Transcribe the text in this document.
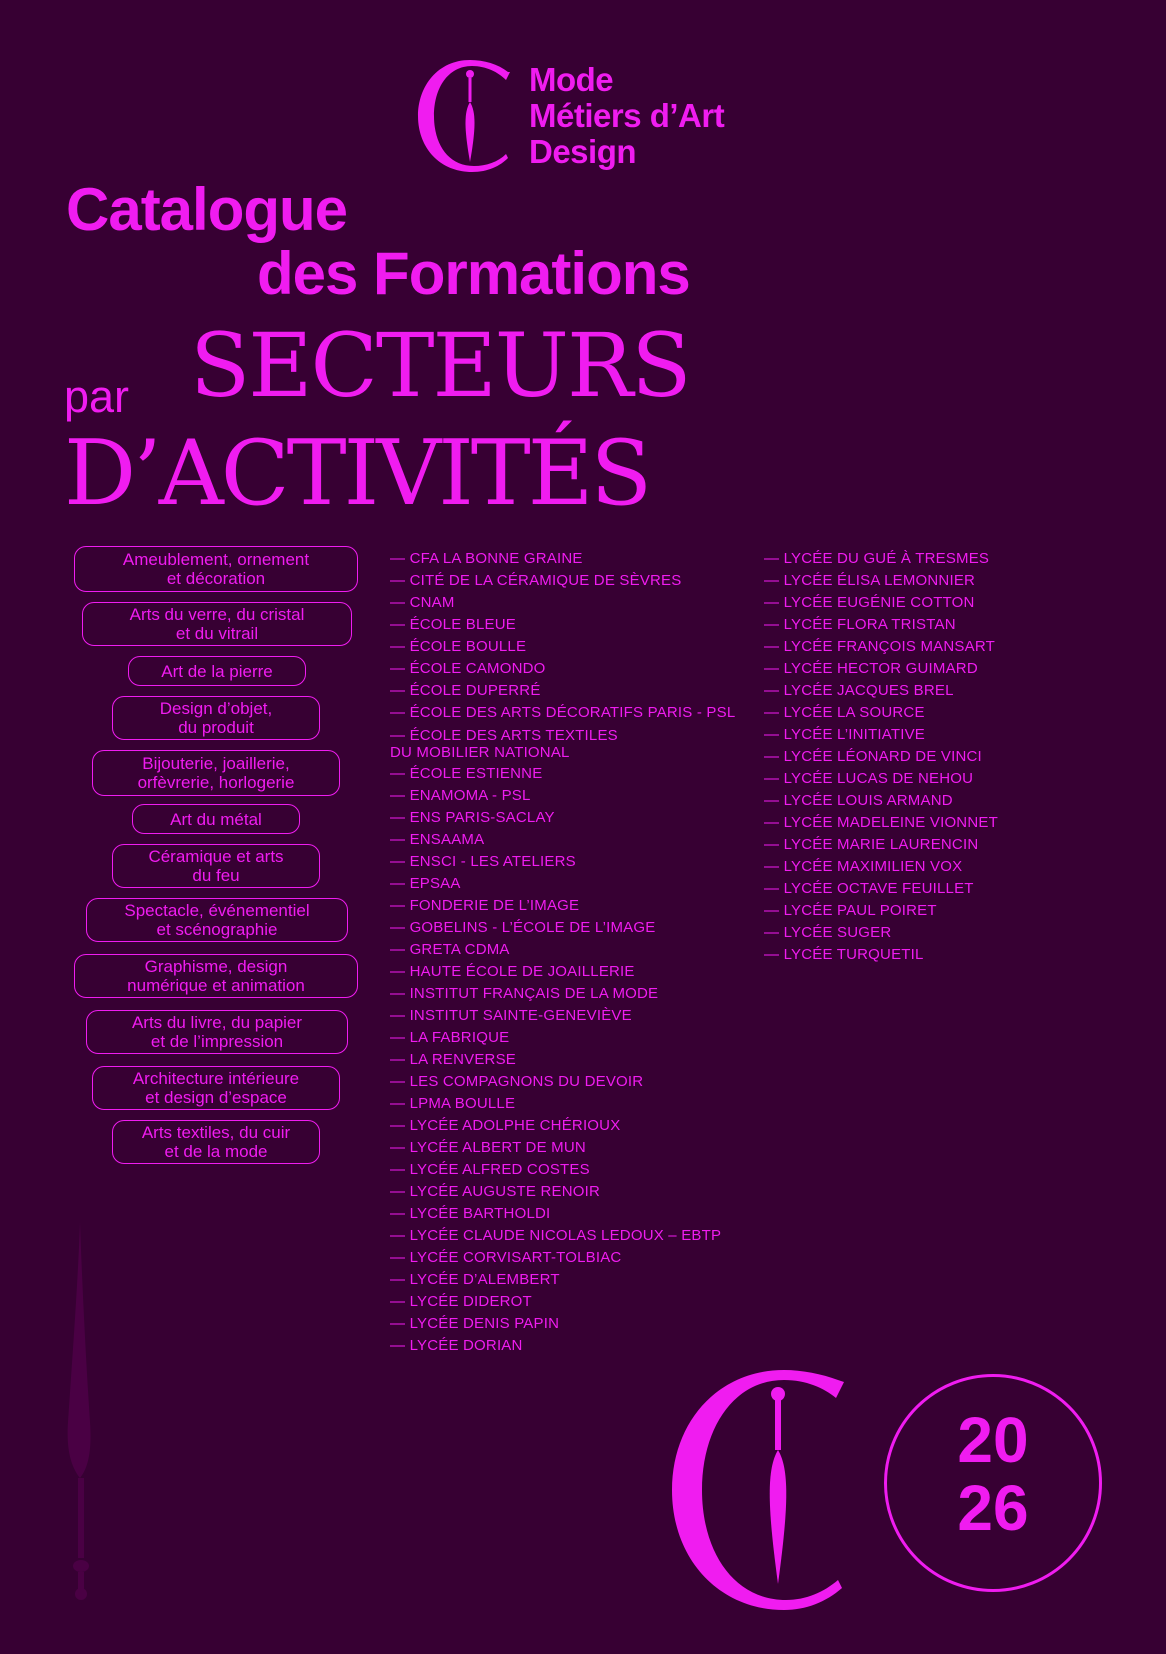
Mode
Métiers d’Art
Design
Catalogue
des Formations
par SECTEURS
D’ACTIVITÉS
Ameublement, ornement
et décoration
Arts du verre, du cristal
et du vitrail
Art de la pierre
Design d’objet,
du produit
Bijouterie, joaillerie,
orfèvrerie, horlogerie
Art du métal
Céramique et arts
du feu
Spectacle, événementiel
et scénographie
Graphisme, design
numérique et animation
Arts du livre, du papier
et de l’impression
Architecture intérieure
et design d’espace
Arts textiles, du cuir
et de la mode
— CFA LA BONNE GRAINE
— CITÉ DE LA CÉRAMIQUE DE SÈVRES
— CNAM
— ÉCOLE BLEUE
— ÉCOLE BOULLE
— ÉCOLE CAMONDO
— ÉCOLE DUPERRÉ
— ÉCOLE DES ARTS DÉCORATIFS PARIS - PSL
— ÉCOLE DES ARTS TEXTILES
DU MOBILIER NATIONAL
— ÉCOLE ESTIENNE
— ENAMOMA - PSL
— ENS PARIS-SACLAY
— ENSAAMA
— ENSCI - LES ATELIERS
— EPSAA
— FONDERIE DE L’IMAGE
— GOBELINS - L’ÉCOLE DE L’IMAGE
— GRETA CDMA
— HAUTE ÉCOLE DE JOAILLERIE
— INSTITUT FRANÇAIS DE LA MODE
— INSTITUT SAINTE-GENEVIÈVE
— LA FABRIQUE
— LA RENVERSE
— LES COMPAGNONS DU DEVOIR
— LPMA BOULLE
— LYCÉE ADOLPHE CHÉRIOUX
— LYCÉE ALBERT DE MUN
— LYCÉE ALFRED COSTES
— LYCÉE AUGUSTE RENOIR
— LYCÉE BARTHOLDI
— LYCÉE CLAUDE NICOLAS LEDOUX – EBTP
— LYCÉE CORVISART-TOLBIAC
— LYCÉE D’ALEMBERT
— LYCÉE DIDEROT
— LYCÉE DENIS PAPIN
— LYCÉE DORIAN
— LYCÉE DU GUÉ À TRESMES
— LYCÉE ÉLISA LEMONNIER
— LYCÉE EUGÉNIE COTTON
— LYCÉE FLORA TRISTAN
— LYCÉE FRANÇOIS MANSART
— LYCÉE HECTOR GUIMARD
— LYCÉE JACQUES BREL
— LYCÉE LA SOURCE
— LYCÉE L’INITIATIVE
— LYCÉE LÉONARD DE VINCI
— LYCÉE LUCAS DE NEHOU
— LYCÉE LOUIS ARMAND
— LYCÉE MADELEINE VIONNET
— LYCÉE MARIE LAURENCIN
— LYCÉE MAXIMILIEN VOX
— LYCÉE OCTAVE FEUILLET
— LYCÉE PAUL POIRET
— LYCÉE SUGER
— LYCÉE TURQUETIL
20
26
